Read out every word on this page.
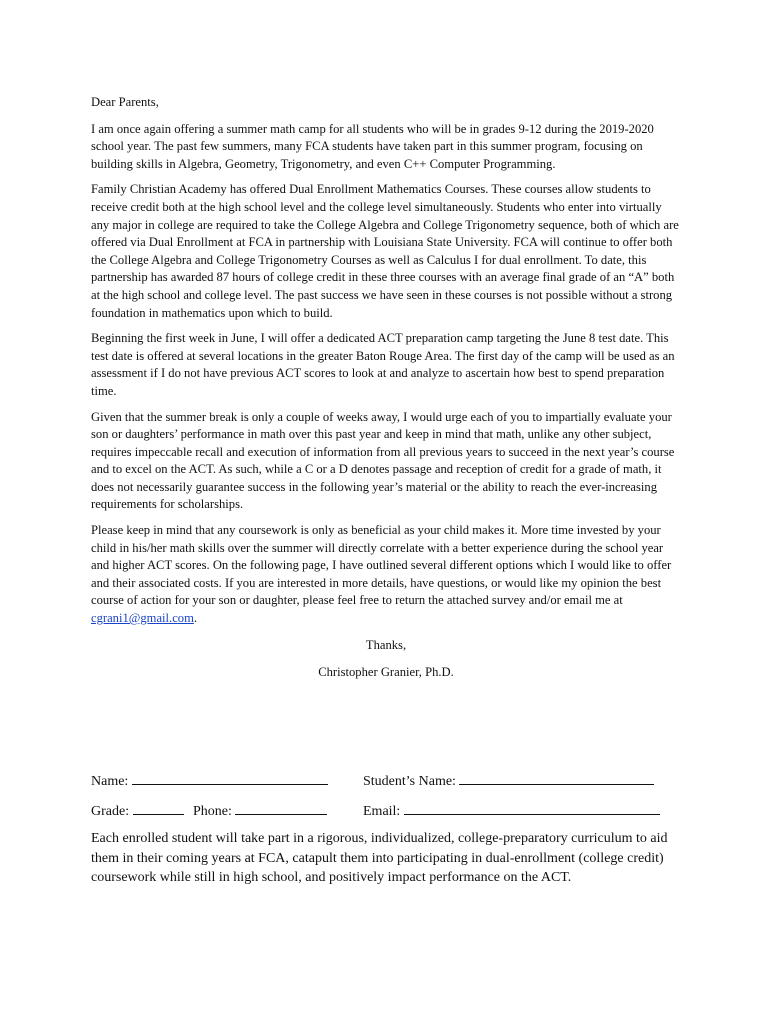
Dear Parents,

I am once again offering a summer math camp for all students who will be in grades 9-12 during the 2019-2020 school year. The past few summers, many FCA students have taken part in this summer program, focusing on building skills in Algebra, Geometry, Trigonometry, and even C++ Computer Programming.

Family Christian Academy has offered Dual Enrollment Mathematics Courses. These courses allow students to receive credit both at the high school level and the college level simultaneously. Students who enter into virtually any major in college are required to take the College Algebra and College Trigonometry sequence, both of which are offered via Dual Enrollment at FCA in partnership with Louisiana State University. FCA will continue to offer both the College Algebra and College Trigonometry Courses as well as Calculus I for dual enrollment. To date, this partnership has awarded 87 hours of college credit in these three courses with an average final grade of an “A” both at the high school and college level. The past success we have seen in these courses is not possible without a strong foundation in mathematics upon which to build.

Beginning the first week in June, I will offer a dedicated ACT preparation camp targeting the June 8 test date. This test date is offered at several locations in the greater Baton Rouge Area. The first day of the camp will be used as an assessment if I do not have previous ACT scores to look at and analyze to ascertain how best to spend preparation time.

Given that the summer break is only a couple of weeks away, I would urge each of you to impartially evaluate your son or daughters’ performance in math over this past year and keep in mind that math, unlike any other subject, requires impeccable recall and execution of information from all previous years to succeed in the next year’s course and to excel on the ACT. As such, while a C or a D denotes passage and reception of credit for a grade of math, it does not necessarily guarantee success in the following year’s material or the ability to reach the ever-increasing requirements for scholarships.

Please keep in mind that any coursework is only as beneficial as your child makes it. More time invested by your child in his/her math skills over the summer will directly correlate with a better experience during the school year and higher ACT scores. On the following page, I have outlined several different options which I would like to offer and their associated costs. If you are interested in more details, have questions, or would like my opinion the best course of action for your son or daughter, please feel free to return the attached survey and/or email me at cgrani1@gmail.com.

Thanks,

Christopher Granier, Ph.D.

Name:	Student’s Name:
Grade:	Phone:	Email:
Each enrolled student will take part in a rigorous, individualized, college-preparatory curriculum to aid them in their coming years at FCA, catapult them into participating in dual-enrollment (college credit) coursework while still in high school, and positively impact performance on the ACT.
